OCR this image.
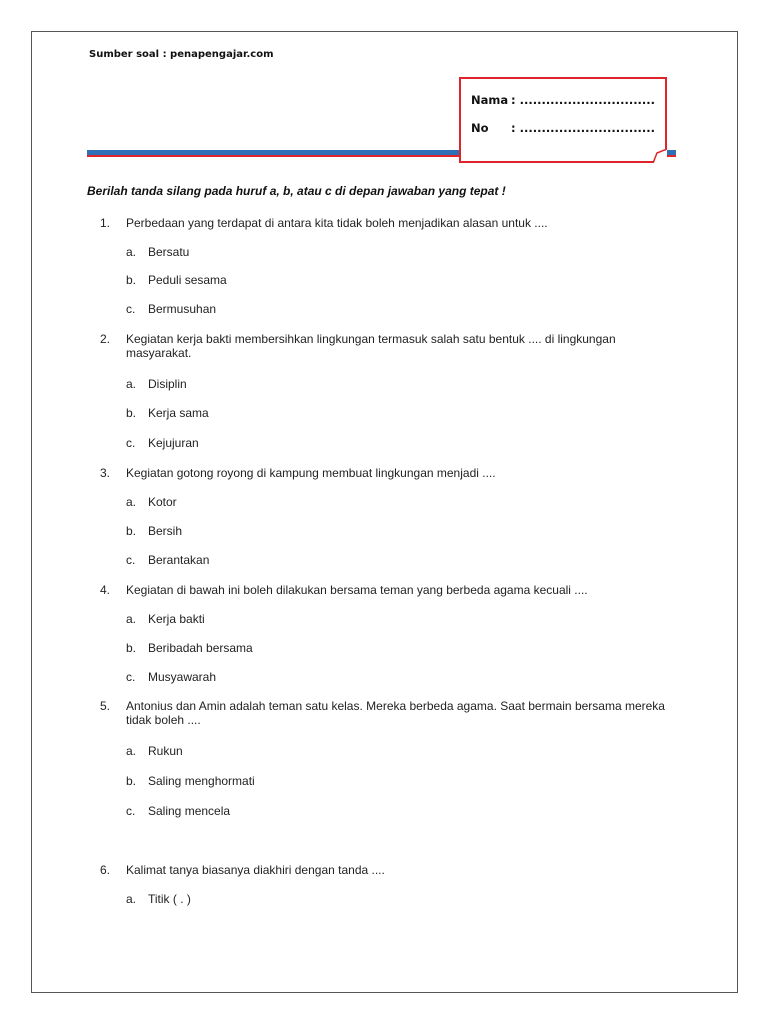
Sumber soal : penapengajar.com
Nama : ...............................
No : ...............................
Berilah tanda silang pada huruf a, b, atau c di depan jawaban yang tepat !
1.	Perbedaan yang terdapat di antara kita tidak boleh menjadikan alasan untuk ....
a. Bersatu
b. Peduli sesama
c. Bermusuhan
2.	Kegiatan kerja bakti membersihkan lingkungan termasuk salah satu bentuk .... di lingkungan masyarakat.
a. Disiplin
b. Kerja sama
c. Kejujuran
3.	Kegiatan gotong royong di kampung membuat lingkungan menjadi ....
a. Kotor
b. Bersih
c. Berantakan
4.	Kegiatan di bawah ini boleh dilakukan bersama teman yang berbeda agama kecuali ....
a. Kerja bakti
b. Beribadah bersama
c. Musyawarah
5.	Antonius dan Amin adalah teman satu kelas. Mereka berbeda agama. Saat bermain bersama mereka tidak boleh ....
a. Rukun
b. Saling menghormati
c. Saling mencela
6.	Kalimat tanya biasanya diakhiri dengan tanda ....
a. Titik ( . )
